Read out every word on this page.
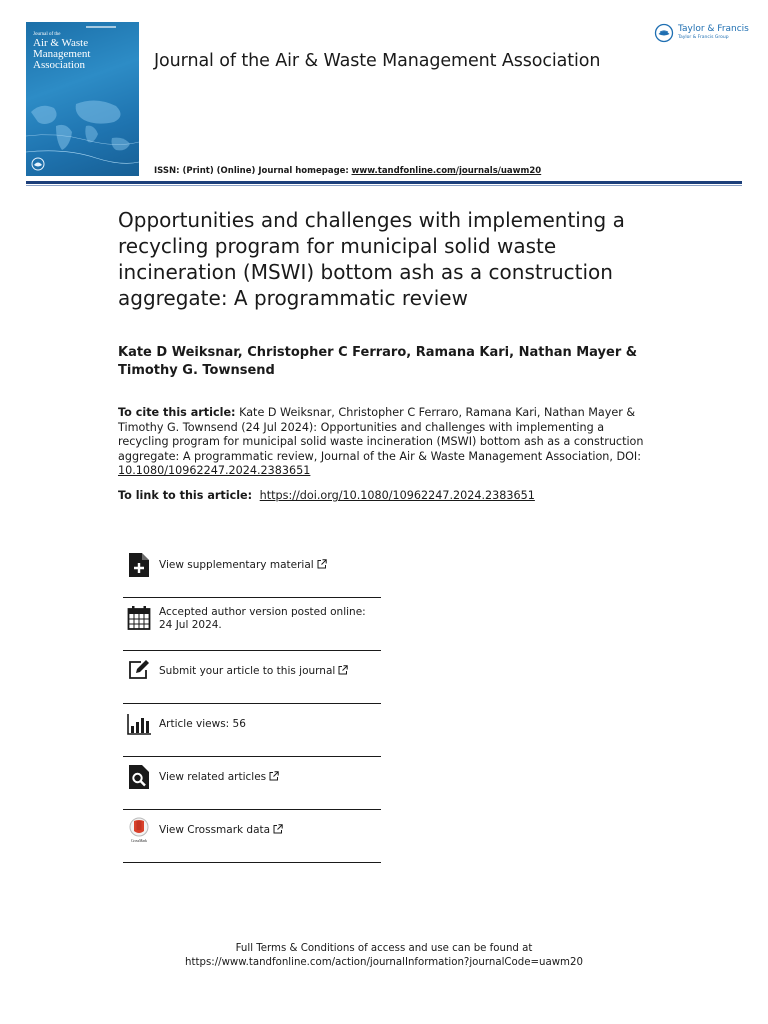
Journal of the
Air & Waste
Management
Association	Journal of the Air & Waste Management Association
Taylor & Francis
Taylor & Francis Group
ISSN: (Print) (Online) Journal homepage: www.tandfonline.com/journals/uawm20
Opportunities and challenges with implementing a recycling program for municipal solid waste incineration (MSWI) bottom ash as a construction aggregate: A programmatic review
Kate D Weiksnar, Christopher C Ferraro, Ramana Kari, Nathan Mayer & Timothy G. Townsend
To cite this article: Kate D Weiksnar, Christopher C Ferraro, Ramana Kari, Nathan Mayer & Timothy G. Townsend (24 Jul 2024): Opportunities and challenges with implementing a recycling program for municipal solid waste incineration (MSWI) bottom ash as a construction aggregate: A programmatic review, Journal of the Air & Waste Management Association, DOI: 10.1080/10962247.2024.2383651
To link to this article: https://doi.org/10.1080/10962247.2024.2383651
View supplementary material
Accepted author version posted online: 24 Jul 2024.
Submit your article to this journal
Article views: 56
View related articles
CrossMark
View Crossmark data
Full Terms & Conditions of access and use can be found at
https://www.tandfonline.com/action/journalInformation?journalCode=uawm20
